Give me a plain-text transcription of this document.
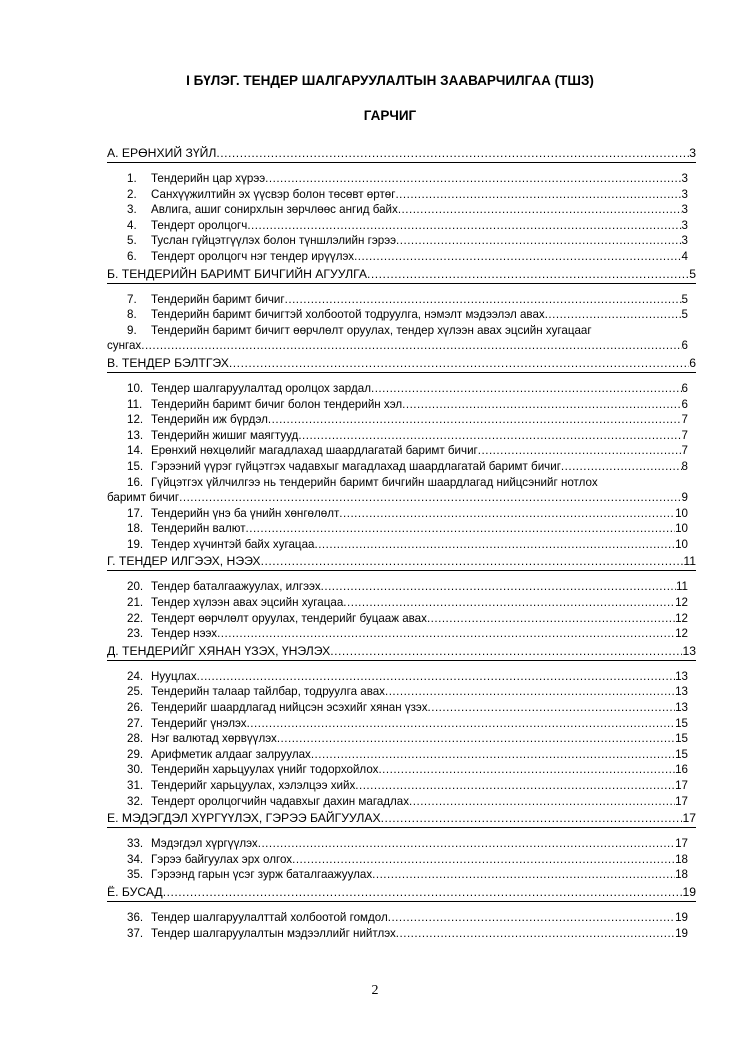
I БҮЛЭГ. ТЕНДЕР ШАЛГАРУУЛАЛТЫН ЗААВАРЧИЛГАА (ТШЗ)
ГАРЧИГ
А. ЕРӨНХИЙ ЗҮЙЛ .....	3
1.	Тендерийн цар хүрээ .....	3
2.	Санхүүжилтийн эх үүсвэр болон төсөвт өртөг .....	3
3.	Авлига, ашиг сонирхлын зөрчлөөс ангид байх .....	3
4.	Тендерт оролцогч .....	3
5.	Туслан гүйцэтгүүлэх болон түншлэлийн гэрээ .....	3
6.	Тендерт оролцогч нэг тендер ирүүлэх .....	4
Б. ТЕНДЕРИЙН БАРИМТ БИЧГИЙН АГУУЛГА .....	5
7.	Тендерийн баримт бичиг .....	5
8.	Тендерийн баримт бичигтэй холбоотой тодруулга, нэмэлт мэдээлэл авах .....	5
9.	Тендерийн баримт бичигт өөрчлөлт оруулах, тендер хүлээн авах эцсийн хугацааг
сунгах .....	6
В. ТЕНДЕР БЭЛТГЭХ .....	6
10. Тендер шалгаруулалтад оролцох зардал .....	6
11. Тендерийн баримт бичиг болон тендерийн хэл .....	6
12. Тендерийн иж бүрдэл .....	7
13. Тендерийн жишиг маягтууд .....	7
14. Ерөнхий нөхцөлийг магадлахад шаардлагатай баримт бичиг .....	7
15. Гэрээний үүрэг гүйцэтгэх чадавхыг магадлахад шаардлагатай баримт бичиг .....	8
16. Гүйцэтгэх үйлчилгээ нь тендерийн баримт бичгийн шаардлагад нийцсэнийг нотлох
баримт бичиг .....	9
17. Тендерийн үнэ ба үнийн хөнгөлөлт .....	10
18. Тендерийн валют .....	10
19. Тендер хүчинтэй байх хугацаа .....	10
Г. ТЕНДЕР ИЛГЭЭХ, НЭЭХ .....	11
20. Тендер баталгаажуулах, илгээх .....	11
21. Тендер хүлээн авах эцсийн хугацаа .....	12
22. Тендерт өөрчлөлт оруулах, тендерийг буцааж авах .....	12
23. Тендер нээх .....	12
Д. ТЕНДЕРИЙГ ХЯНАН ҮЗЭХ, ҮНЭЛЭХ .....	13
24. Нууцлах .....	13
25. Тендерийн талаар тайлбар, тодруулга авах .....	13
26. Тендерийг шаардлагад нийцсэн эсэхийг хянан үзэх .....	13
27. Тендерийг үнэлэх .....	15
28. Нэг валютад хөрвүүлэх .....	15
29. Арифметик алдааг залруулах .....	15
30. Тендерийн харьцуулах үнийг тодорхойлох .....	16
31. Тендерийг харьцуулах, хэлэлцээ хийх .....	17
32. Тендерт оролцогчийн чадавхыг дахин магадлах .....	17
Е. МЭДЭГДЭЛ ХҮРГҮҮЛЭХ, ГЭРЭЭ БАЙГУУЛАХ .....	17
33. Мэдэгдэл хүргүүлэх .....	17
34. Гэрээ байгуулах эрх олгох .....	18
35. Гэрээнд гарын үсэг зурж баталгаажуулах .....	18
Ё. БУСАД .....	19
36. Тендер шалгаруулалттай холбоотой гомдол .....	19
37. Тендер шалгаруулалтын мэдээллийг нийтлэх .....	19
2
